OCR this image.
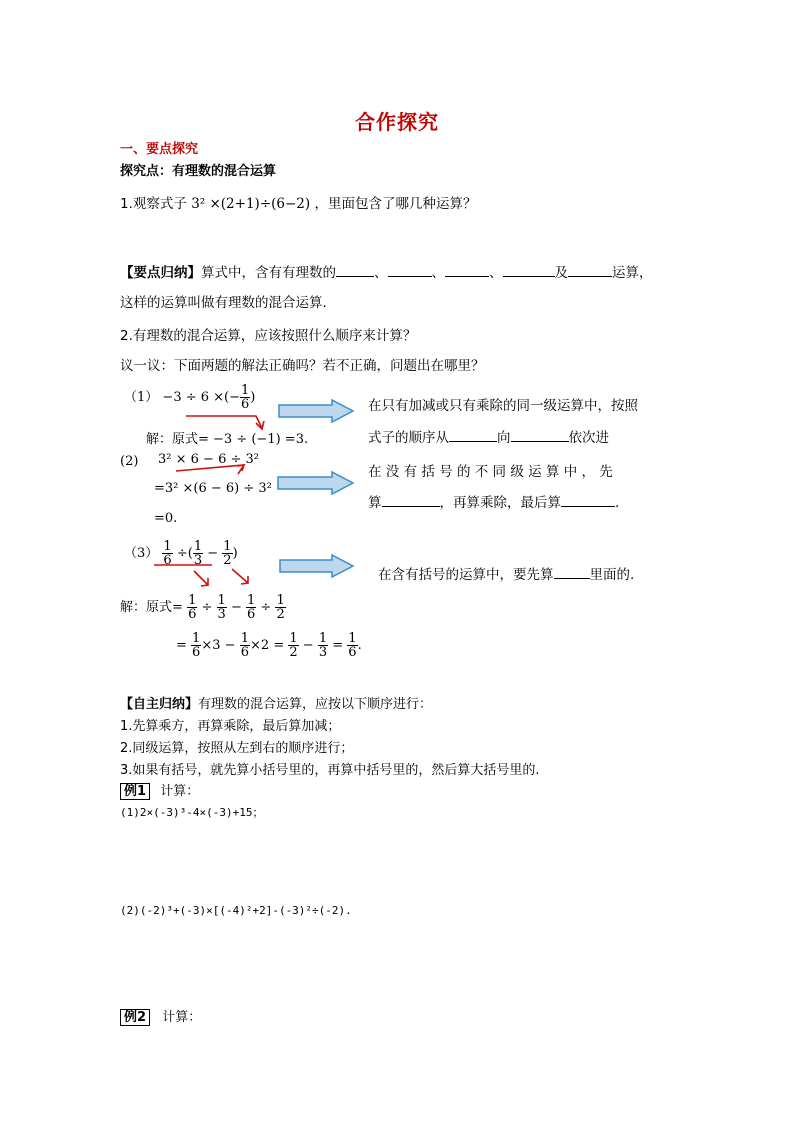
合作探究
一、要点探究
探究点：有理数的混合运算
1.观察式子 3² ×(2+1)÷(6−2) ，里面包含了哪几种运算？
【要点归纳】算式中，含有有理数的	、	、	、	及	运算，
这样的运算叫做有理数的混合运算.
2.有理数的混合运算，应该按照什么顺序来计算？
议一议：下面两题的解法正确吗？若不正确，问题出在哪里？
（1） −3 ÷ 6 ×(− $\frac{1}{6}$ )
解：原式= −3 ÷ (−1) =3.
在只有加减或只有乘除的同一级运算中，按照
式子的顺序从	向	依次进
(2) 3² × 6 − 6 ÷ 3²
=3² ×(6 − 6) ÷ 3²
=0.
在 没 有 括 号 的 不 同 级 运 算 中 ， 先
算	，再算乘除，最后算	.
$(3) \frac{1}{6}$ ÷( $\frac{1}{3} - \frac{1}{2}$ )
在含有括号的运算中，要先算	里面的.
解：原式= $\frac{1}{6} \div \frac{1}{3} - \frac{1}{6} \div \frac{1}{2}$
= $\frac{1}{6} \times 3 - \frac{1}{6} \times 2 = \frac{1}{2} - \frac{1}{3} = \frac{1}{6}$ .
【自主归纳】有理数的混合运算，应按以下顺序进行：
1.先算乘方，再算乘除，最后算加减；
2.同级运算，按照从左到右的顺序进行；
3.如果有括号，就先算小括号里的，再算中括号里的，然后算大括号里的.
例1 计算：
(1)2×(-3)³-4×(-3)+15；
(2)(-2)³+(-3)×[(-4)²+2]-(-3)²÷(-2).
例2 计算：
